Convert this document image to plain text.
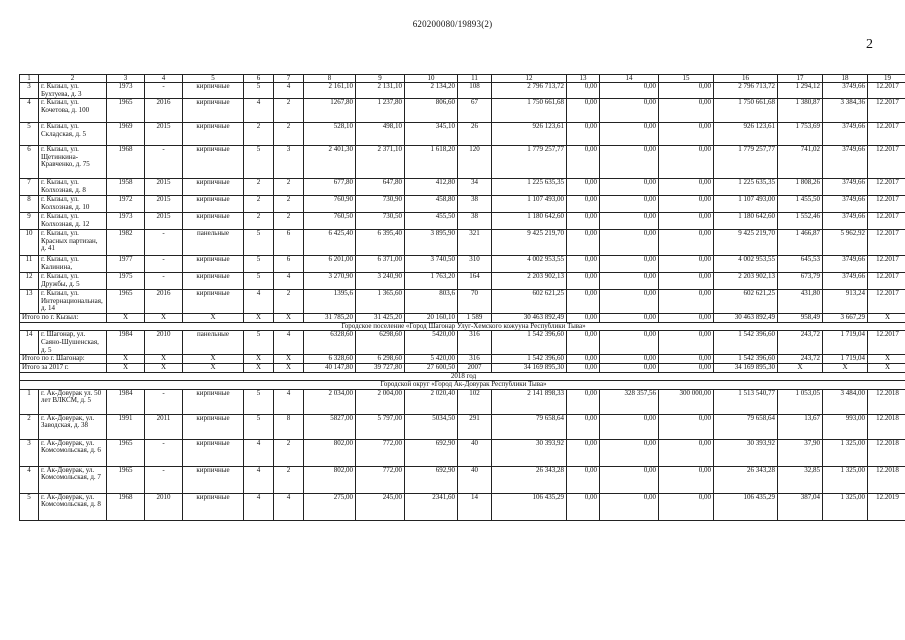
620200080/19893(2)
2
1	2	3	4	5	6	7	8	9	10	11	12	13	14	15	16	17	18	19
3	г. Кызыл, ул. Бухтуева, д. 3	1973	-	кирпичные	5	4	2 161,10	2 131,10	2 134,20	108	2 796 713,72	0,00	0,00	0,00	2 796 713,72	1 294,12	3749,66	12.2017
4	г. Кызыл, ул. Кочетова, д. 100	1965	2016	кирпичные	4	2	1267,80	1 237,80	806,60	67	1 750 661,68	0,00	0,00	0,00	1 750 661,68	1 380,87	3 384,36	12.2017
5	г. Кызыл, ул. Складская, д. 5	1969	2015	кирпичные	2	2	528,10	498,10	345,10	26	926 123,61	0,00	0,00	0,00	926 123,61	1 753,69	3749,66	12.2017
6	г. Кызыл, ул. Щетинкина-Кравченко, д. 75	1968	-	кирпичные	5	3	2 401,30	2 371,10	1 618,20	120	1 779 257,77	0,00	0,00	0,00	1 779 257,77	741,02	3749,66	12.2017
7	г. Кызыл, ул. Колхозная, д. 8	1958	2015	кирпичные	2	2	677,80	647,80	412,80	34	1 225 635,35	0,00	0,00	0,00	1 225 635,35	1 808,26	3749,66	12.2017
8	г. Кызыл, ул. Колхозная, д. 10	1972	2015	кирпичные	2	2	760,90	730,90	458,80	38	1 107 493,00	0,00	0,00	0,00	1 107 493,00	1 455,50	3749,66	12.2017
9	г. Кызыл, ул. Колхозная, д. 12	1973	2015	кирпичные	2	2	760,50	730,50	455,50	38	1 180 642,60	0,00	0,00	0,00	1 180 642,60	1 552,46	3749,66	12.2017
10	г. Кызыл, ул. Красных партизан, д. 41	1982	-	панельные	5	6	6 425,40	6 395,40	3 895,90	321	9 425 219,70	0,00	0,00	0,00	9 425 219,70	1 466,87	5 962,92	12.2017
11	г. Кызыл, ул. Калинина,	1977	-	кирпичные	5	6	6 201,00	6 371,00	3 740,50	310	4 002 953,55	0,00	0,00	0,00	4 002 953,55	645,53	3749,66	12.2017
12	г. Кызыл, ул. Дружбы, д. 5	1975	-	кирпичные	5	4	3 270,90	3 240,90	1 763,20	164	2 203 902,13	0,00	0,00	0,00	2 203 902,13	673,79	3749,66	12.2017
13	г. Кызыл, ул. Интернациональная, д. 14	1965	2016	кирпичные	4	2	1395,6	1 365,60	803,6	70	602 621,25	0,00	0,00	0,00	602 621,25	431,80	913,24	12.2017
Итого по г. Кызыл:		X	X	X	X	X	31 785,20	31 425,20	20 160,10	1 589	30 463 892,49	0,00	0,00	0,00	30 463 892,49	958,49	3 667,29	X
Городское поселение «Город Шагонар Улуг-Хемского кожууна Республики Тыва»																		
14	г. Шагонар, ул. Саяно-Шушенская, д. 5	1984	2010	панельные	5	4	6328,60	6298,60	5420,00	316	1 542 396,60	0,00	0,00	0,00	1 542 396,60	243,72	1 719,04	12.2017
Итого по г. Шагонар:		X	X	X	X	X	6 328,60	6 298,60	5 420,00	316	1 542 396,60	0,00	0,00	0,00	1 542 396,60	243,72	1 719,04	X
Итого за 2017 г.		X	X	X	X	X	40 147,80	39 727,80	27 600,50	2007	34 169 895,30	0,00	0,00	0,00	34 169 895,30	X	X	X
2018 год																		
Городской округ «Город Ак-Довурак Республики Тыва»																		
1	г. Ак-Довурак ул. 50 лет ВЛКСМ, д. 5	1984	-	кирпичные	5	4	2 034,00	2 004,00	2 020,40	102	2 141 898,33	0,00	328 357,56	300 000,00	1 513 540,77	1 053,05	3 484,00	12.2018
2	г. Ак-Довурак, ул. Заводская, д. 38	1991	2011	кирпичные	5	8	5827,00	5 797,00	5034,50	291	79 658,64	0,00	0,00	0,00	79 658,64	13,67	993,00	12.2018
3	г. Ак-Довурак, ул. Комсомольская, д. 6	1965	-	кирпичные	4	2	802,00	772,00	692,90	40	30 393,92	0,00	0,00	0,00	30 393,92	37,90	1 325,00	12.2018
4	г. Ак-Довурак, ул. Комсомольская, д. 7	1965	-	кирпичные	4	2	802,00	772,00	692,90	40	26 343,28	0,00	0,00	0,00	26 343,28	32,85	1 325,00	12.2018
5	г. Ак-Довурак, ул. Комсомольская, д. 8	1968	2010	кирпичные	4	4	275,00	245,00	2341,60	14	106 435,29	0,00	0,00	0,00	106 435,29	387,04	1 325,00	12.2019
